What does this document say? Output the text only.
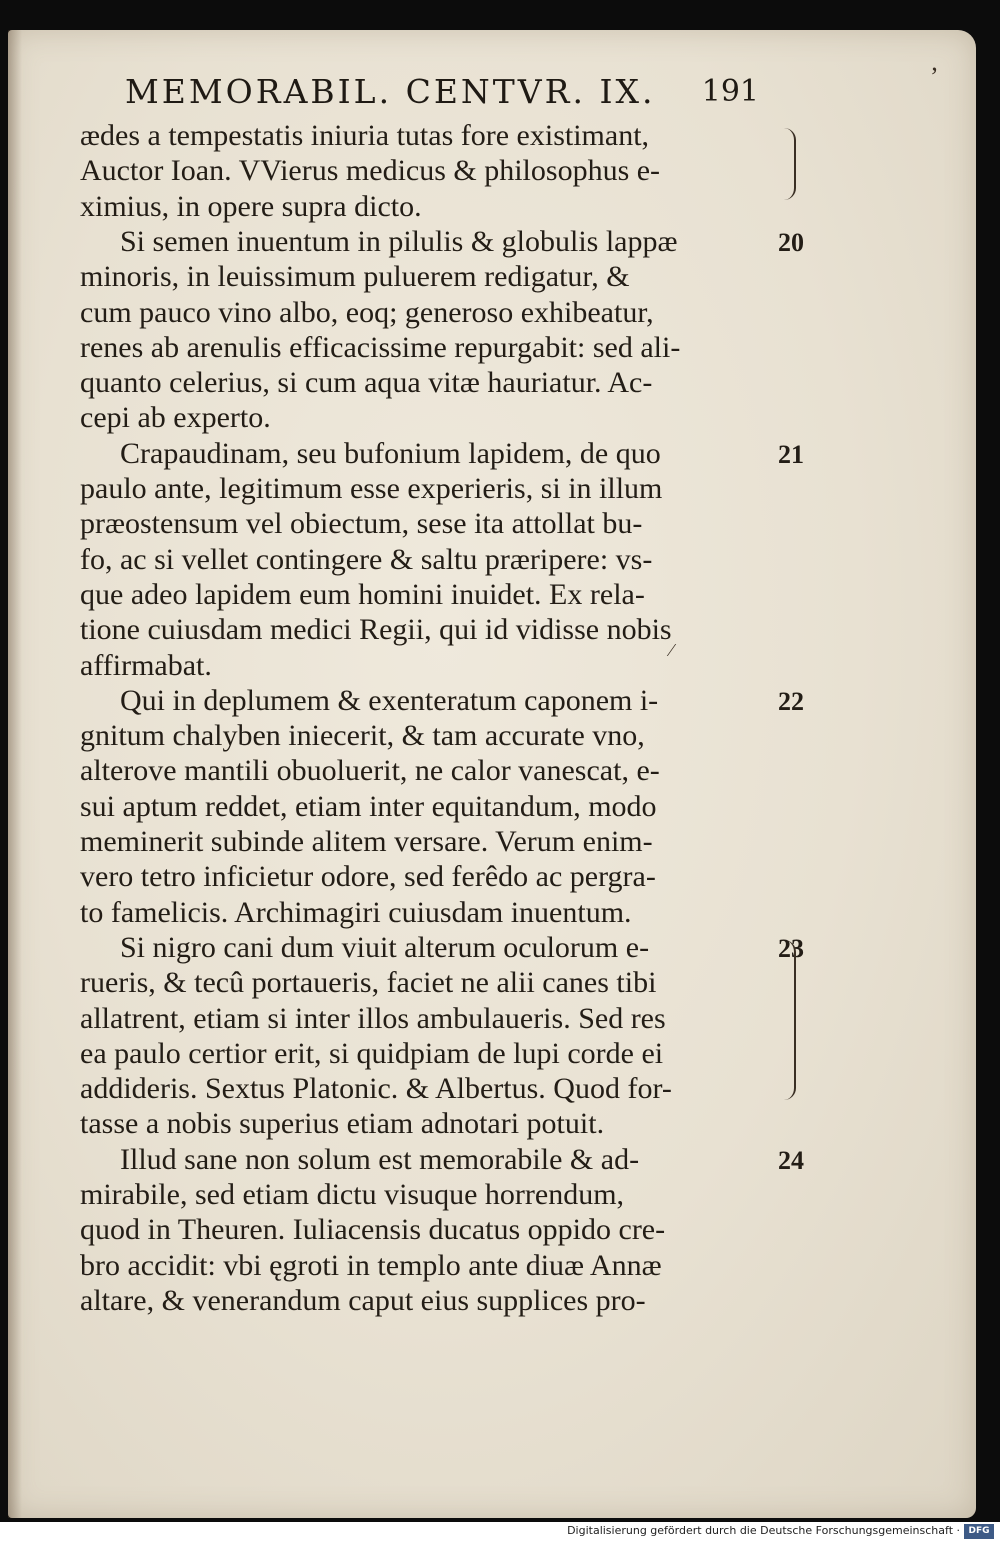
MEMORABIL. CENTVR. IX. 191
ædes a tempestatis iniuria tutas fore existimant,
Auctor Ioan. VVierus medicus & philosophus e-
ximius, in opere supra dicto.
Si semen inuentum in pilulis & globulis lappæ
minoris, in leuissimum puluerem redigatur, &
cum pauco vino albo, eoq; generoso exhibeatur,
renes ab arenulis efficacissime repurgabit: sed ali-
quanto celerius, si cum aqua vitæ hauriatur. Ac-
cepi ab experto.
Crapaudinam, seu bufonium lapidem, de quo
paulo ante, legitimum esse experieris, si in illum
præostensum vel obiectum, sese ita attollat bu-
fo, ac si vellet contingere & saltu præripere: vs-
que adeo lapidem eum homini inuidet. Ex rela-
tione cuiusdam medici Regii, qui id vidisse nobis
affirmabat.
Qui in deplumem & exenteratum caponem i-
gnitum chalyben iniecerit, & tam accurate vno,
alterove mantili obuoluerit, ne calor vanescat, e-
sui aptum reddet, etiam inter equitandum, modo
meminerit subinde alitem versare. Verum enim-
vero tetro inficietur odore, sed ferêdo ac pergra-
to famelicis. Archimagiri cuiusdam inuentum.
Si nigro cani dum viuit alterum oculorum e-
rueris, & tecû portaueris, faciet ne alii canes tibi
allatrent, etiam si inter illos ambulaueris. Sed res
ea paulo certior erit, si quidpiam de lupi corde ei
addideris. Sextus Platonic. & Albertus. Quod for-
tasse a nobis superius etiam adnotari potuit.
Illud sane non solum est memorabile & ad-
mirabile, sed etiam dictu visuque horrendum,
quod in Theuren. Iuliacensis ducatus oppido cre-
bro accidit: vbi ęgroti in templo ante diuæ Annæ
altare, & venerandum caput eius supplices pro-
20
21
22
23
24
ʼ
⁄
Digitalisierung gefördert durch die Deutsche Forschungsgemeinschaft · DFG
